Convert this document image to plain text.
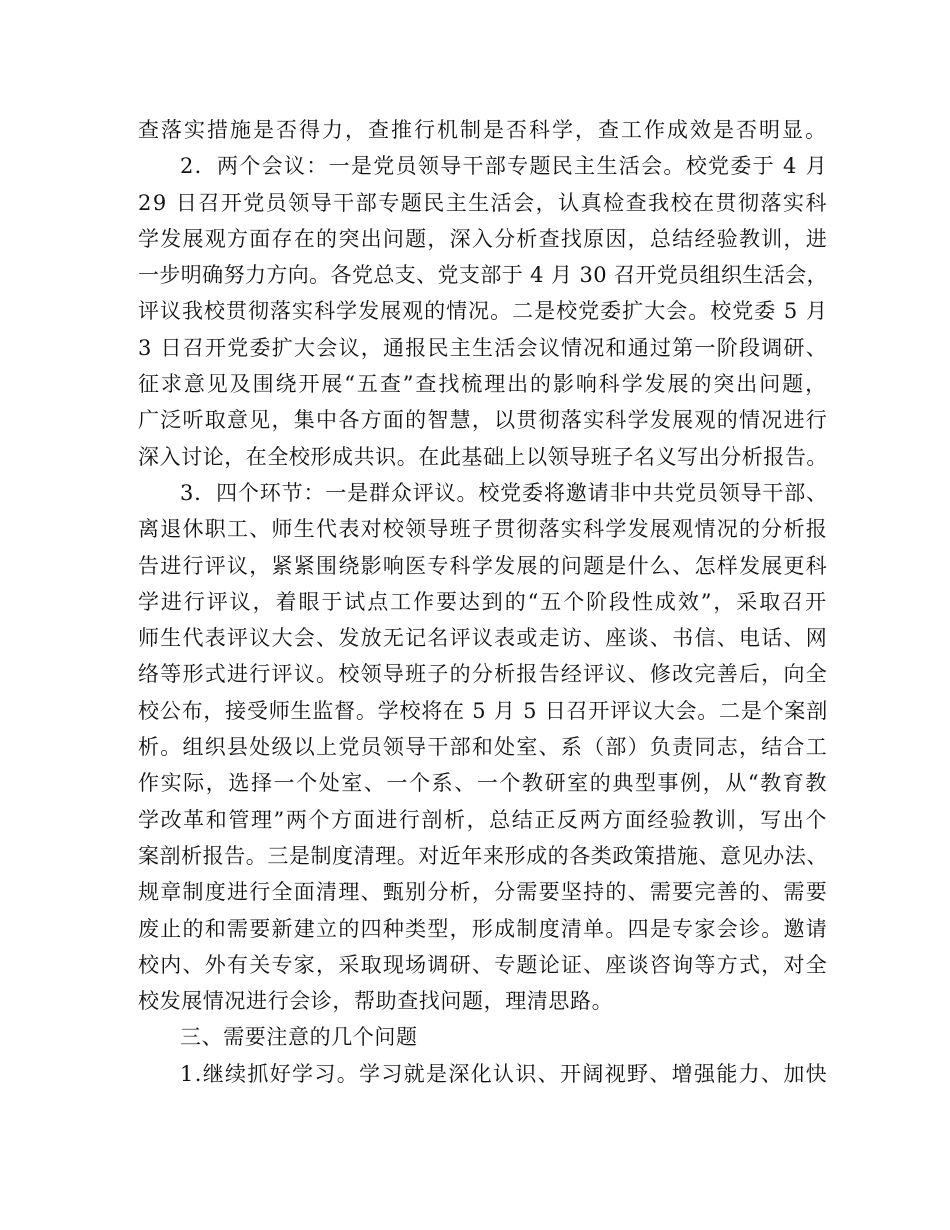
查落实措施是否得力，查推行机制是否科学，查工作成效是否明显。
2．两个会议：一是党员领导干部专题民主生活会。校党委于 4 月
29 日召开党员领导干部专题民主生活会，认真检查我校在贯彻落实科
学发展观方面存在的突出问题，深入分析查找原因，总结经验教训，进
一步明确努力方向。各党总支、党支部于 4 月 30 召开党员组织生活会，
评议我校贯彻落实科学发展观的情况。二是校党委扩大会。校党委 5 月
3 日召开党委扩大会议，通报民主生活会议情况和通过第一阶段调研、
征求意见及围绕开展“五查”查找梳理出的影响科学发展的突出问题，
广泛听取意见，集中各方面的智慧，以贯彻落实科学发展观的情况进行
深入讨论，在全校形成共识。在此基础上以领导班子名义写出分析报告。
3．四个环节：一是群众评议。校党委将邀请非中共党员领导干部、
离退休职工、师生代表对校领导班子贯彻落实科学发展观情况的分析报
告进行评议，紧紧围绕影响医专科学发展的问题是什么、怎样发展更科
学进行评议，着眼于试点工作要达到的“五个阶段性成效”，采取召开
师生代表评议大会、发放无记名评议表或走访、座谈、书信、电话、网
络等形式进行评议。校领导班子的分析报告经评议、修改完善后，向全
校公布，接受师生监督。学校将在 5 月 5 日召开评议大会。二是个案剖
析。组织县处级以上党员领导干部和处室、系（部）负责同志，结合工
作实际，选择一个处室、一个系、一个教研室的典型事例，从“教育教
学改革和管理”两个方面进行剖析，总结正反两方面经验教训，写出个
案剖析报告。三是制度清理。对近年来形成的各类政策措施、意见办法、
规章制度进行全面清理、甄别分析，分需要坚持的、需要完善的、需要
废止的和需要新建立的四种类型，形成制度清单。四是专家会诊。邀请
校内、外有关专家，采取现场调研、专题论证、座谈咨询等方式，对全
校发展情况进行会诊，帮助查找问题，理清思路。
三、需要注意的几个问题
1.继续抓好学习。学习就是深化认识、开阔视野、增强能力、加快
